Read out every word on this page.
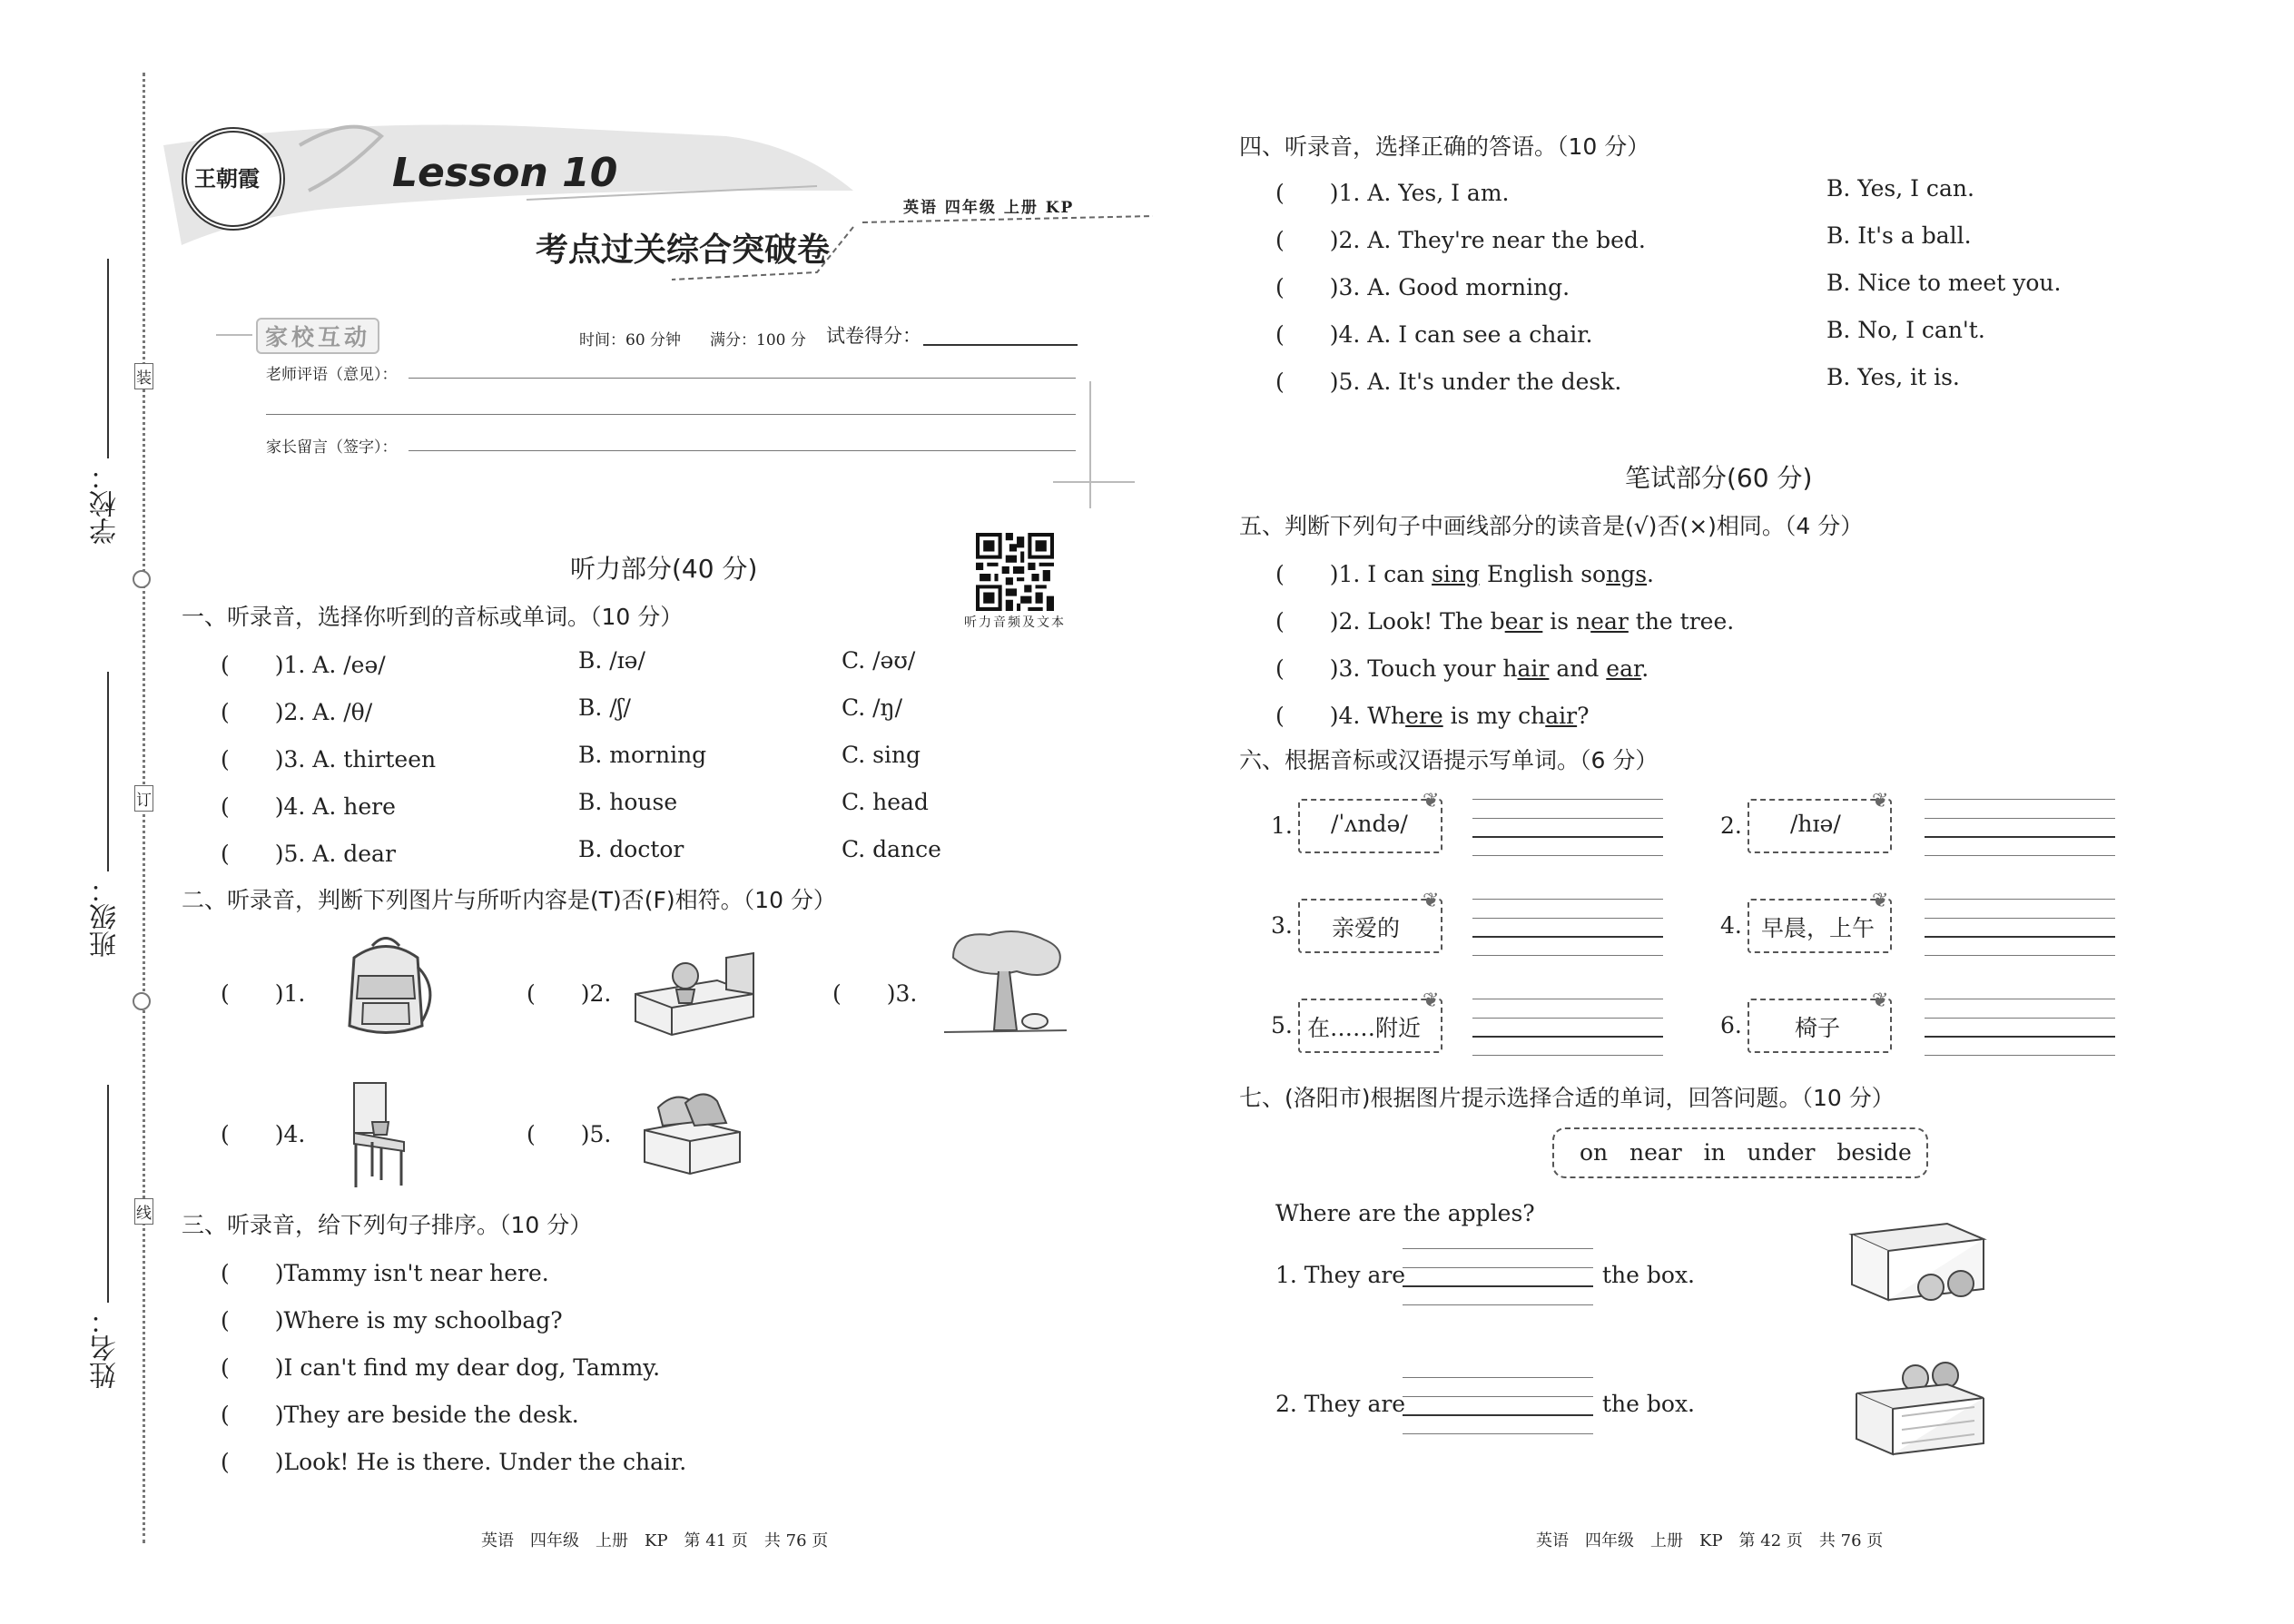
学校：
班级：
姓名：
装
订
线
王朝霞	Lesson 10
考点过关综合突破卷
英语 四年级 上册 KP
家校互动	时间：60 分钟 满分：100 分 试卷得分：
老师评语（意见）：
家长留言（签字）：
听力音频及文本
听力部分(40 分)
一、听录音，选择你听到的音标或单词。（10 分）
(　　)1. A. /eə/	B. /ɪə/	C. /əʊ/
(　　)2. A. /θ/	B. /ʃ/	C. /ŋ/
(　　)3. A. thirteen	B. morning	C. sing
(　　)4. A. here	B. house	C. head
(　　)5. A. dear	B. doctor	C. dance
二、听录音，判断下列图片与所听内容是(T)否(F)相符。（10 分）
(　　)1.	(　　)2.	(　　)3.
(　　)4.	(　　)5.
三、听录音，给下列句子排序。（10 分）
(　　)Tammy isn't near here.
(　　)Where is my schoolbag?
(　　)I can't find my dear dog, Tammy.
(　　)They are beside the desk.
(　　)Look! He is there. Under the chair.
四、听录音，选择正确的答语。（10 分）
(　　)1. A. Yes, I am.	B. Yes, I can.
(　　)2. A. They're near the bed.	B. It's a ball.
(　　)3. A. Good morning.	B. Nice to meet you.
(　　)4. A. I can see a chair.	B. No, I can't.
(　　)5. A. It's under the desk.	B. Yes, it is.
笔试部分(60 分)
五、判断下列句子中画线部分的读音是(√)否(×)相同。（4 分）
(　　)1. I can sing English songs.
(　　)2. Look! The bear is near the tree.
(　　)3. Touch your hair and ear.
(　　)4. Where is my chair?
六、根据音标或汉语提示写单词。（6 分）
1. /ˈʌndə/
❦
2. /hɪə/
❦
3. 亲爱的
❦
4. 早晨，上午
❦
5. 在……附近
❦
6. 椅子
❦
七、(洛阳市)根据图片提示选择合适的单词，回答问题。（10 分）
on   near   in   under   beside
Where are the apples?
1. They are	the box.
2. They are	the box.
英语　四年级　上册　KP　第 41 页　共 76 页	英语　四年级　上册　KP　第 42 页　共 76 页
